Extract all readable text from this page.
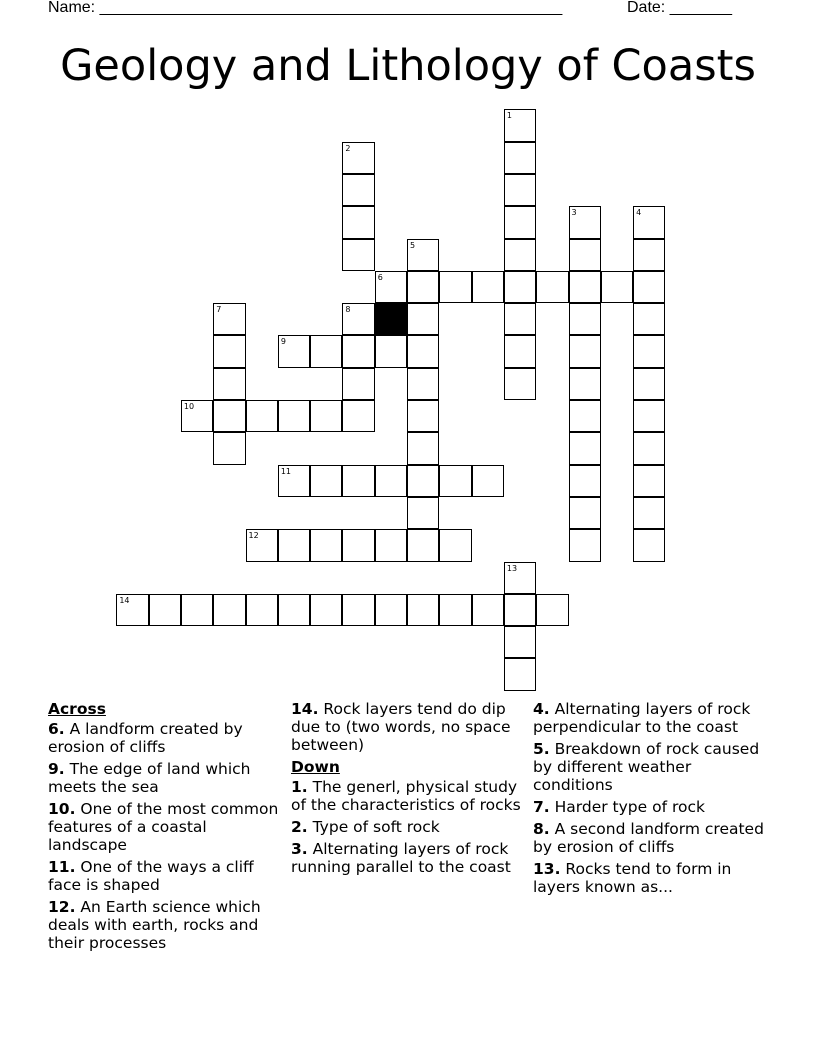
Name: ____________________________________________________	Date: _______
Geology and Lithology of Coasts
1
2
3	4
5
6
7	8
9
10
11
12
13
14
Across
6. A landform created by erosion of cliffs
9. The edge of land which meets the sea
10. One of the most common features of a coastal landscape
11. One of the ways a cliff face is shaped
12. An Earth science which deals with earth, rocks and their processes
14. Rock layers tend do dip due to (two words, no space between)
Down
1. The generl, physical study of the characteristics of rocks
2. Type of soft rock
3. Alternating layers of rock running parallel to the coast
4. Alternating layers of rock perpendicular to the coast
5. Breakdown of rock caused by different weather conditions
7. Harder type of rock
8. A second landform created by erosion of cliffs
13. Rocks tend to form in layers known as...
